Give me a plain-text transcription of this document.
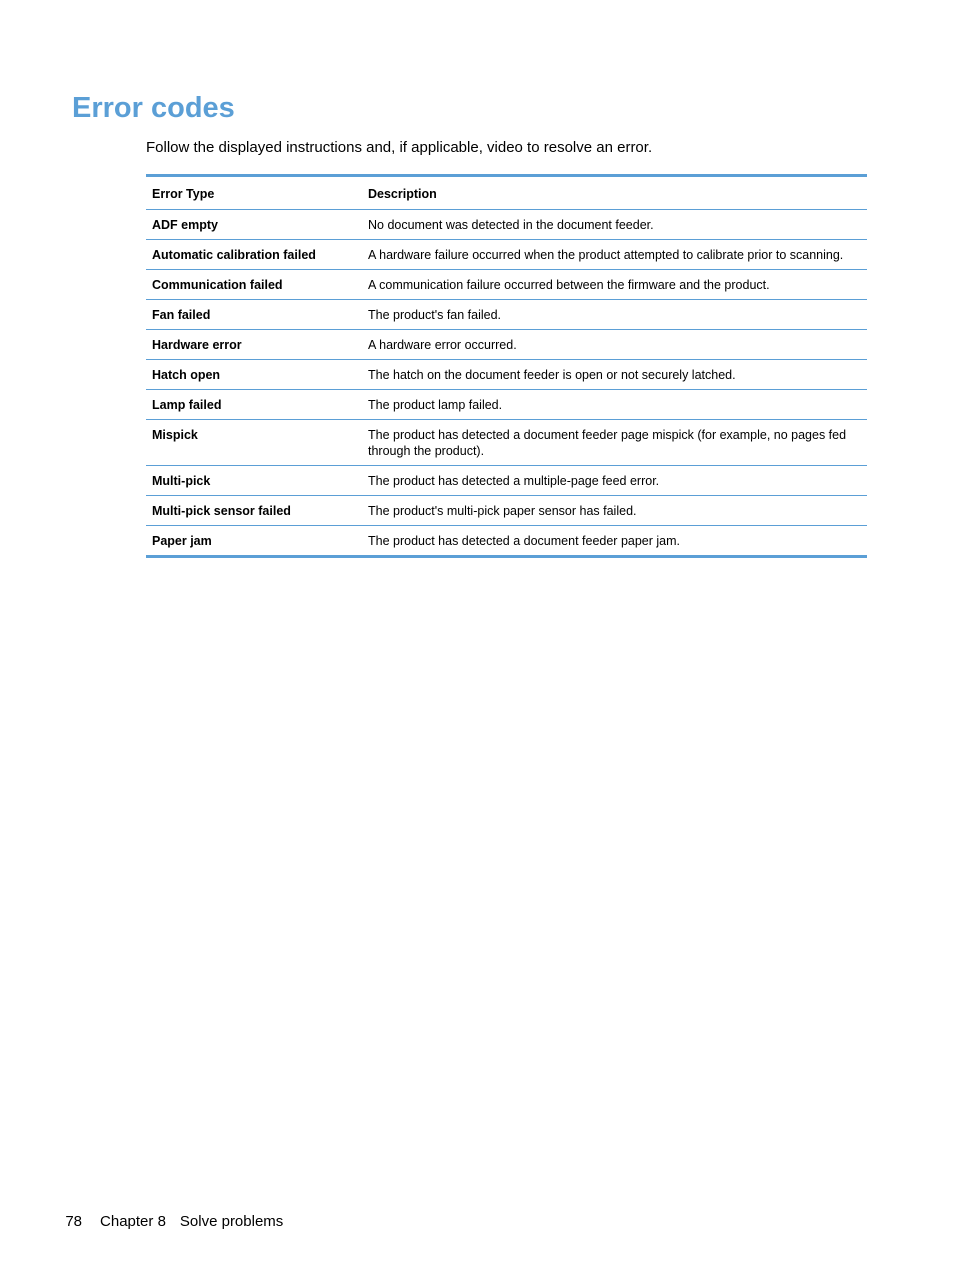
Error codes

Follow the displayed instructions and, if applicable, video to resolve an error.

Error Type	Description
ADF empty	No document was detected in the document feeder.
Automatic calibration failed	A hardware failure occurred when the product attempted to calibrate prior to scanning.
Communication failed	A communication failure occurred between the firmware and the product.
Fan failed	The product's fan failed.
Hardware error	A hardware error occurred.
Hatch open	The hatch on the document feeder is open or not securely latched.
Lamp failed	The product lamp failed.
Mispick	The product has detected a document feeder page mispick (for example, no pages fed through the product).
Multi-pick	The product has detected a multiple-page feed error.
Multi-pick sensor failed	The product's multi-pick paper sensor has failed.
Paper jam	The product has detected a document feeder paper jam.

78 Chapter 8 Solve problems
